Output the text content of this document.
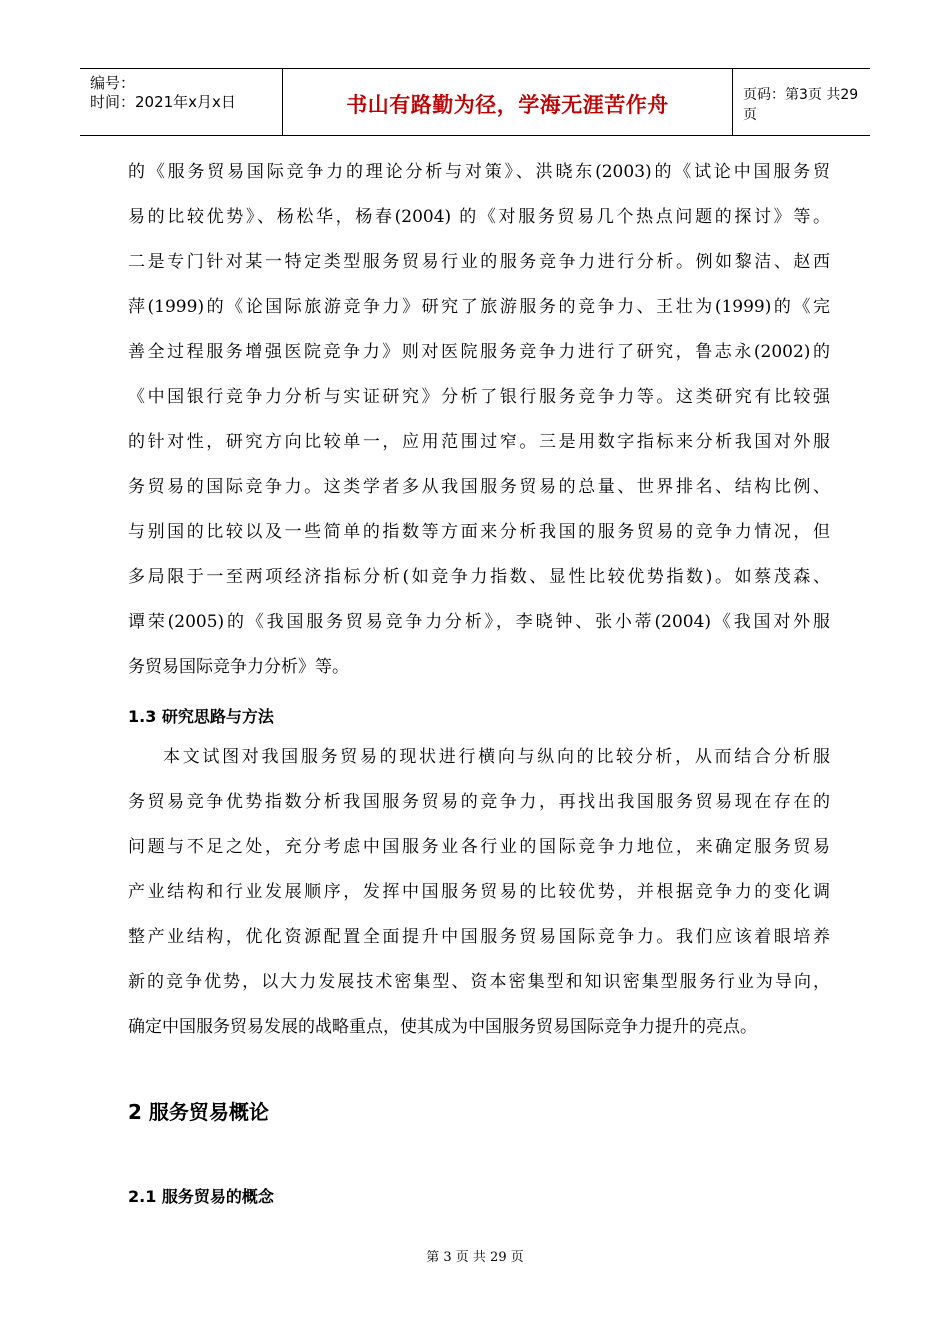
编号：
时间：2021年x月x日	书山有路勤为径，学海无涯苦作舟	页码：第3页 共29页
的《服务贸易国际竞争力的理论分析与对策》、洪晓东(2003)的《试论中国服务贸
易的比较优势》、杨松华，杨春(2004) 的《对服务贸易几个热点问题的探讨》等。
二是专门针对某一特定类型服务贸易行业的服务竞争力进行分析。例如黎洁、赵西
萍(1999)的《论国际旅游竞争力》研究了旅游服务的竞争力、王壮为(1999)的《完
善全过程服务增强医院竞争力》则对医院服务竞争力进行了研究，鲁志永(2002)的
《中国银行竞争力分析与实证研究》分析了银行服务竞争力等。这类研究有比较强
的针对性，研究方向比较单一，应用范围过窄。三是用数字指标来分析我国对外服
务贸易的国际竞争力。这类学者多从我国服务贸易的总量、世界排名、结构比例、
与别国的比较以及一些简单的指数等方面来分析我国的服务贸易的竞争力情况，但
多局限于一至两项经济指标分析(如竞争力指数、显性比较优势指数)。如蔡茂森、
谭荣(2005)的《我国服务贸易竞争力分析》，李晓钟、张小蒂(2004)《我国对外服
务贸易国际竞争力分析》等。
1.3 研究思路与方法
本文试图对我国服务贸易的现状进行横向与纵向的比较分析，从而结合分析服
务贸易竞争优势指数分析我国服务贸易的竞争力，再找出我国服务贸易现在存在的
问题与不足之处，充分考虑中国服务业各行业的国际竞争力地位，来确定服务贸易
产业结构和行业发展顺序，发挥中国服务贸易的比较优势，并根据竞争力的变化调
整产业结构，优化资源配置全面提升中国服务贸易国际竞争力。我们应该着眼培养
新的竞争优势，以大力发展技术密集型、资本密集型和知识密集型服务行业为导向，
确定中国服务贸易发展的战略重点，使其成为中国服务贸易国际竞争力提升的亮点。
2 服务贸易概论
2.1 服务贸易的概念
第 3 页 共 29 页
